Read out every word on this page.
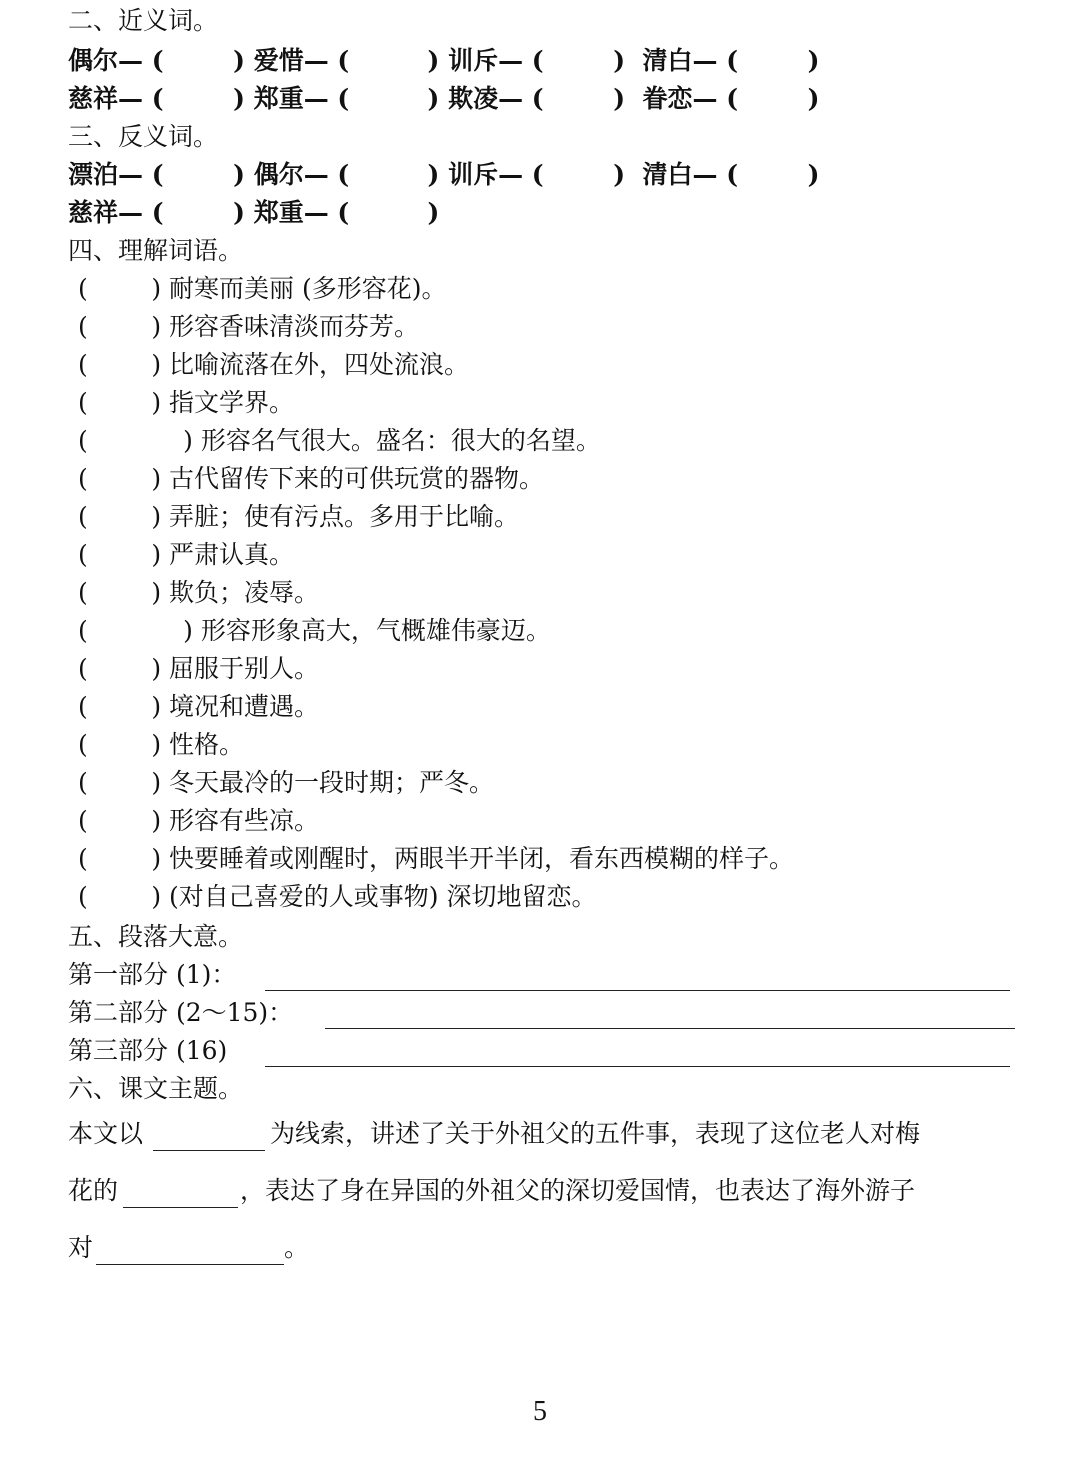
二、近义词。
偶尔— (        ) 爱惜— (         ) 训斥— (        )  清白— (        )
慈祥— (        ) 郑重— (         ) 欺凌— (        )  眷恋— (        )
三、反义词。
漂泊— (        ) 偶尔— (         ) 训斥— (        )  清白— (        )
慈祥— (        ) 郑重— (         )
四、理解词语。
(        ) 耐寒而美丽 (多形容花)。
(        ) 形容香味清淡而芬芳。
(        ) 比喻流落在外，四处流浪。
(        ) 指文学界。
(            ) 形容名气很大。盛名：很大的名望。
(        ) 古代留传下来的可供玩赏的器物。
(        ) 弄脏；使有污点。多用于比喻。
(        ) 严肃认真。
(        ) 欺负；凌辱。
(            ) 形容形象高大，气概雄伟豪迈。
(        ) 屈服于别人。
(        ) 境况和遭遇。
(        ) 性格。
(        ) 冬天最冷的一段时期；严冬。
(        ) 形容有些凉。
(        ) 快要睡着或刚醒时，两眼半开半闭，看东西模糊的样子。
(        ) (对自己喜爱的人或事物) 深切地留恋。
五、段落大意。
第一部分 (1)：
第二部分 (2～15)：
第三部分 (16)
六、课文主题。
本文以	为线索，讲述了关于外祖父的五件事，表现了这位老人对梅
花的	，表达了身在异国的外祖父的深切爱国情，也表达了海外游子
对	。
5
